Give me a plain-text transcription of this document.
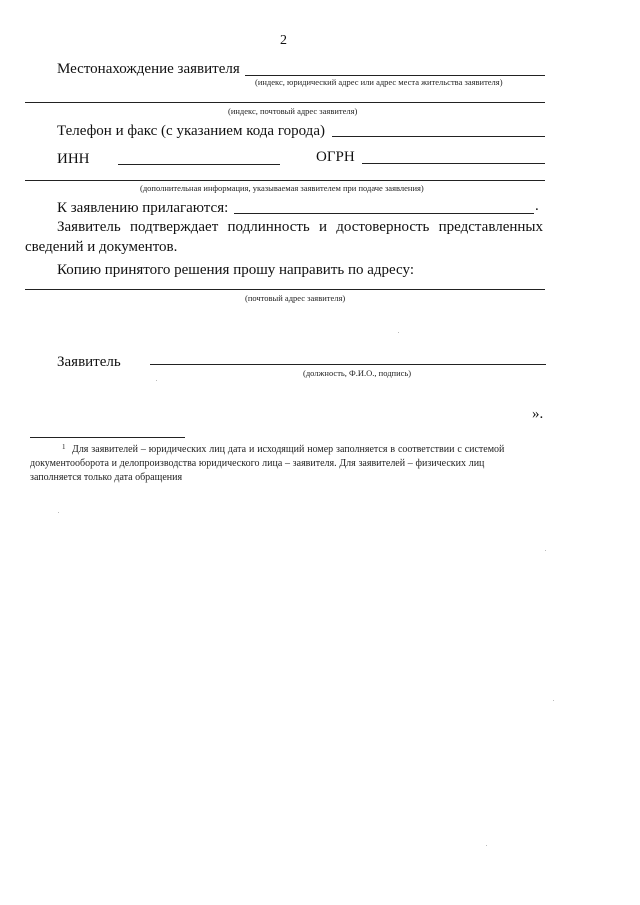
2
Местонахождение заявителя
(индекс, юридический адрес или адрес места жительства заявителя)
(индекс, почтовый адрес заявителя)
Телефон и факс (с указанием кода города)
ИНН	ОГРН
(дополнительная информация, указываемая заявителем при подаче заявления)
К заявлению прилагаются:	.
Заявитель подтверждает подлинность и достоверность представленных
сведений и документов.
Копию принятого решения прошу направить по адресу:
(почтовый адрес заявителя)
Заявитель
(должность, Ф.И.О., подпись)
».
1 Для заявителей – юридических лиц дата и исходящий номер заполняется в соответствии с системой
документооборота и делопроизводства юридического лица – заявителя. Для заявителей – физических лиц
заполняется только дата обращения
